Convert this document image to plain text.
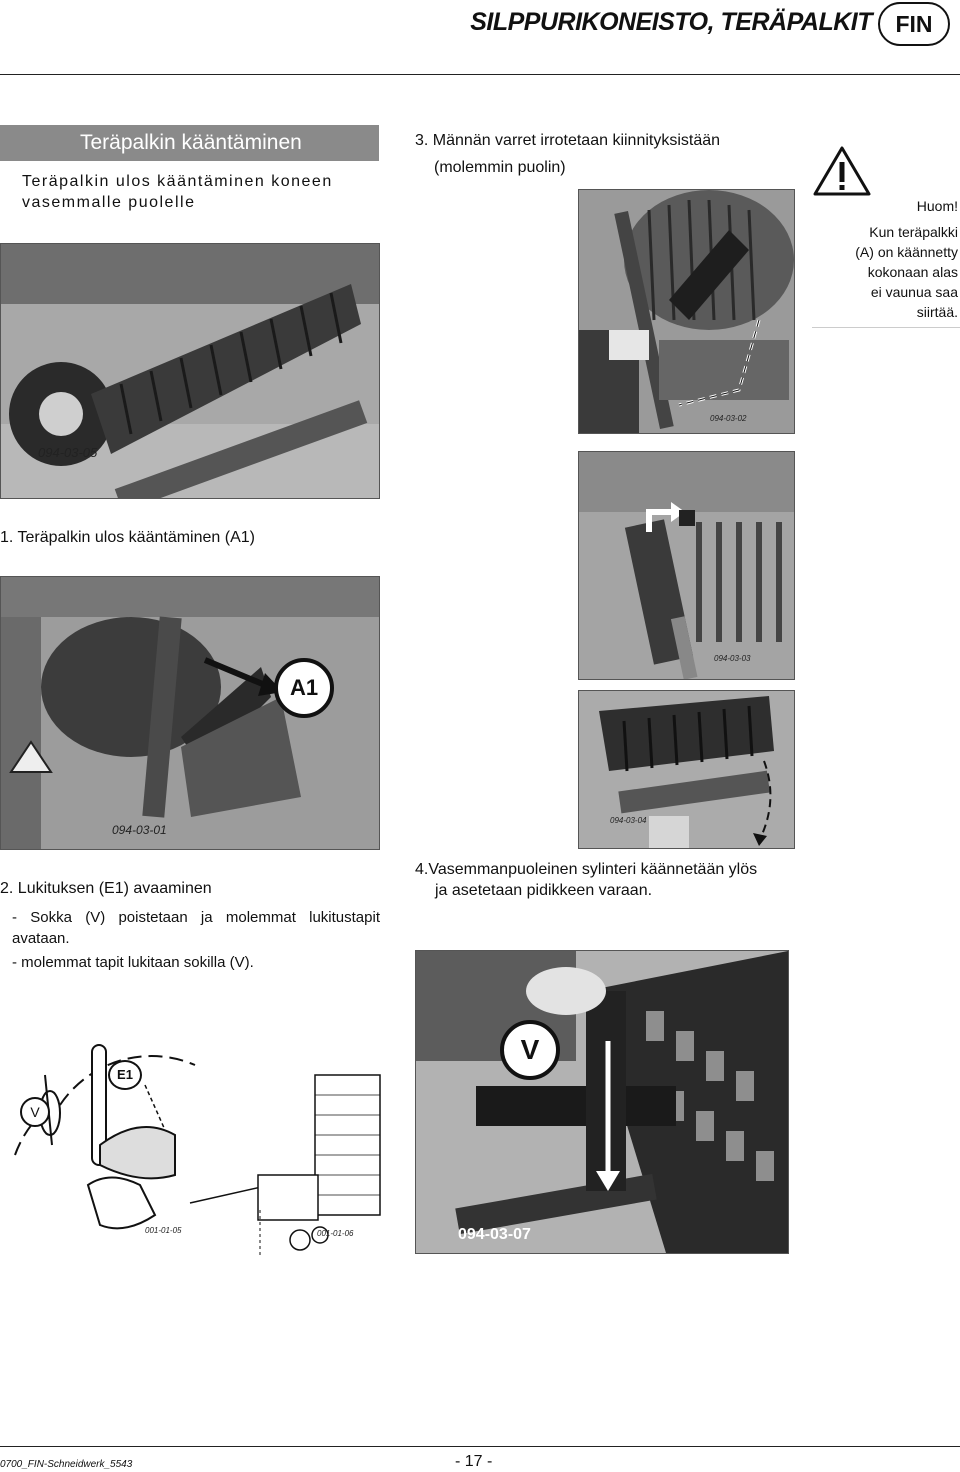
SILPPURIKONEISTO, TERÄPALKIT	FIN
Teräpalkin kääntäminen
Teräpalkin ulos kääntäminen koneen vasemmalle puolelle
094-03-05
1. Teräpalkin ulos kääntäminen (A1)
A1
094-03-01
2. Lukituksen (E1) avaaminen
- Sokka (V) poistetaan ja molemmat lukitustapit avataan.
- molemmat tapit lukitaan sokilla (V).
V
E1
001-01-05	001-01-06
3. Männän varret irrotetaan kiinnityksistään
(molemmin puolin)
Huom!
Kun teräpalkki
(A) on käännetty
kokonaan alas
ei vaunua saa
siirtää.
094-03-02
094-03-03
094-03-04
4.Vasemmanpuoleinen sylinteri käännetään ylös
ja asetetaan pidikkeen varaan.
V
094-03-07
0700_FIN-Schneidwerk_5543	- 17 -
